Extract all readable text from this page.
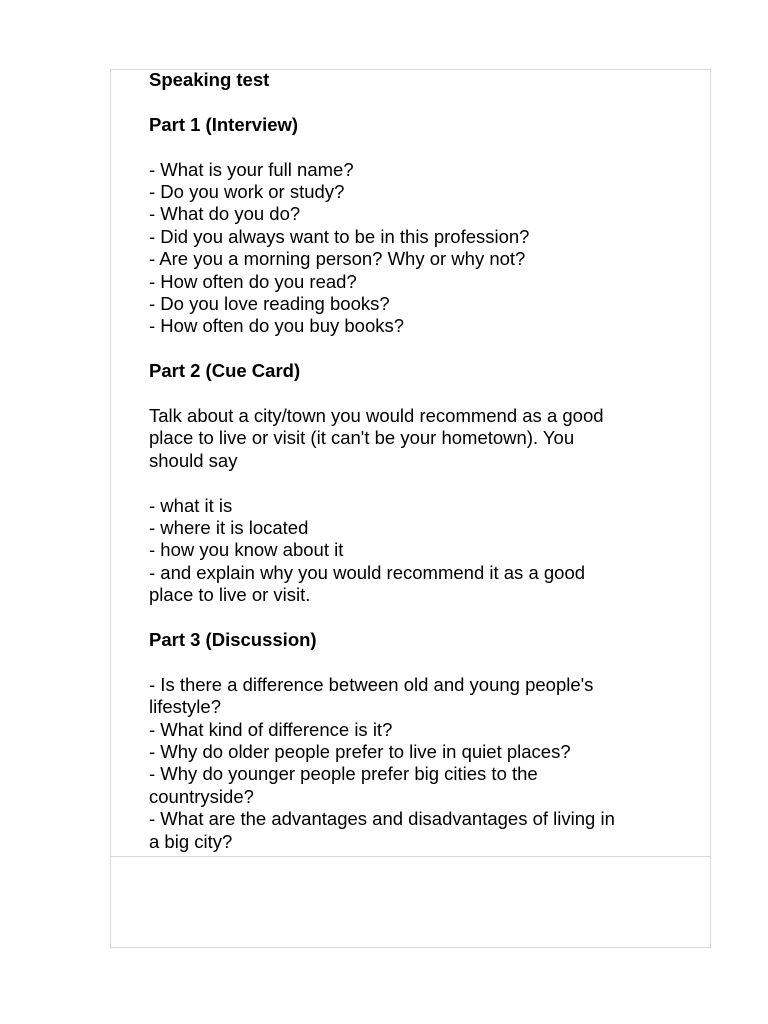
Speaking test
Part 1 (Interview)
- What is your full name?
- Do you work or study?
- What do you do?
- Did you always want to be in this profession?
- Are you a morning person? Why or why not?
- How often do you read?
- Do you love reading books?
- How often do you buy books?
Part 2 (Cue Card)
Talk about a city/town you would recommend as a good
place to live or visit (it can't be your hometown). You
should say
- what it is
- where it is located
- how you know about it
- and explain why you would recommend it as a good
place to live or visit.
Part 3 (Discussion)
- Is there a difference between old and young people's
lifestyle?
- What kind of difference is it?
- Why do older people prefer to live in quiet places?
- Why do younger people prefer big cities to the
countryside?
- What are the advantages and disadvantages of living in
a big city?
